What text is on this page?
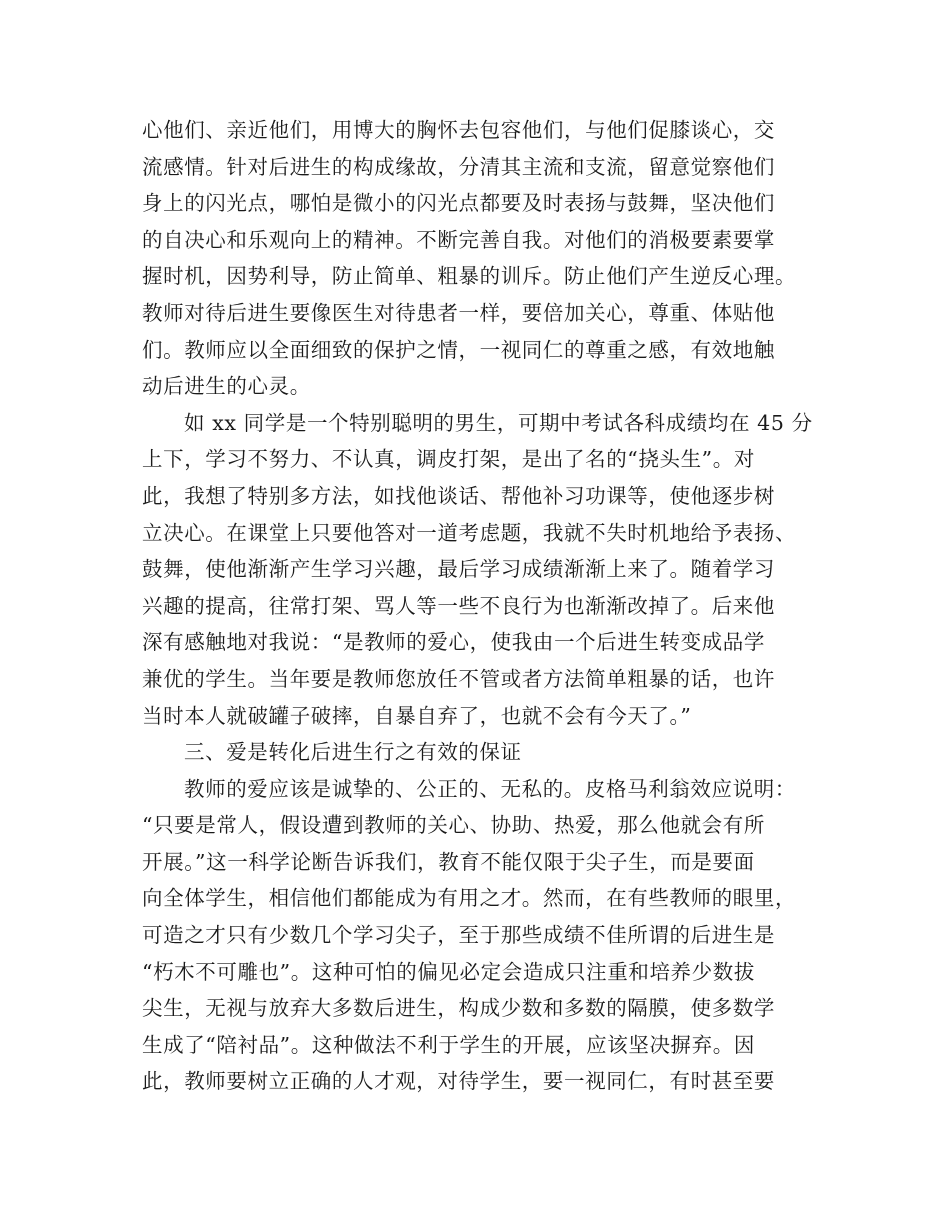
心他们、亲近他们，用博大的胸怀去包容他们，与他们促膝谈心，交
流感情。针对后进生的构成缘故，分清其主流和支流，留意觉察他们
身上的闪光点，哪怕是微小的闪光点都要及时表扬与鼓舞，坚决他们
的自决心和乐观向上的精神。不断完善自我。对他们的消极要素要掌
握时机，因势利导，防止简单、粗暴的训斥。防止他们产生逆反心理。
教师对待后进生要像医生对待患者一样，要倍加关心，尊重、体贴他
们。教师应以全面细致的保护之情，一视同仁的尊重之感，有效地触
动后进生的心灵。
如 xx 同学是一个特别聪明的男生，可期中考试各科成绩均在 45 分
上下，学习不努力、不认真，调皮打架，是出了名的“挠头生”。对
此，我想了特别多方法，如找他谈话、帮他补习功课等，使他逐步树
立决心。在课堂上只要他答对一道考虑题，我就不失时机地给予表扬、
鼓舞，使他渐渐产生学习兴趣，最后学习成绩渐渐上来了。随着学习
兴趣的提高，往常打架、骂人等一些不良行为也渐渐改掉了。后来他
深有感触地对我说：“是教师的爱心，使我由一个后进生转变成品学
兼优的学生。当年要是教师您放任不管或者方法简单粗暴的话，也许
当时本人就破罐子破摔，自暴自弃了，也就不会有今天了。”
三、爱是转化后进生行之有效的保证
教师的爱应该是诚挚的、公正的、无私的。皮格马利翁效应说明：
“只要是常人，假设遭到教师的关心、协助、热爱，那么他就会有所
开展。”这一科学论断告诉我们，教育不能仅限于尖子生，而是要面
向全体学生，相信他们都能成为有用之才。然而，在有些教师的眼里，
可造之才只有少数几个学习尖子，至于那些成绩不佳所谓的后进生是
“朽木不可雕也”。这种可怕的偏见必定会造成只注重和培养少数拔
尖生，无视与放弃大多数后进生，构成少数和多数的隔膜，使多数学
生成了“陪衬品”。这种做法不利于学生的开展，应该坚决摒弃。因
此，教师要树立正确的人才观，对待学生，要一视同仁，有时甚至要
